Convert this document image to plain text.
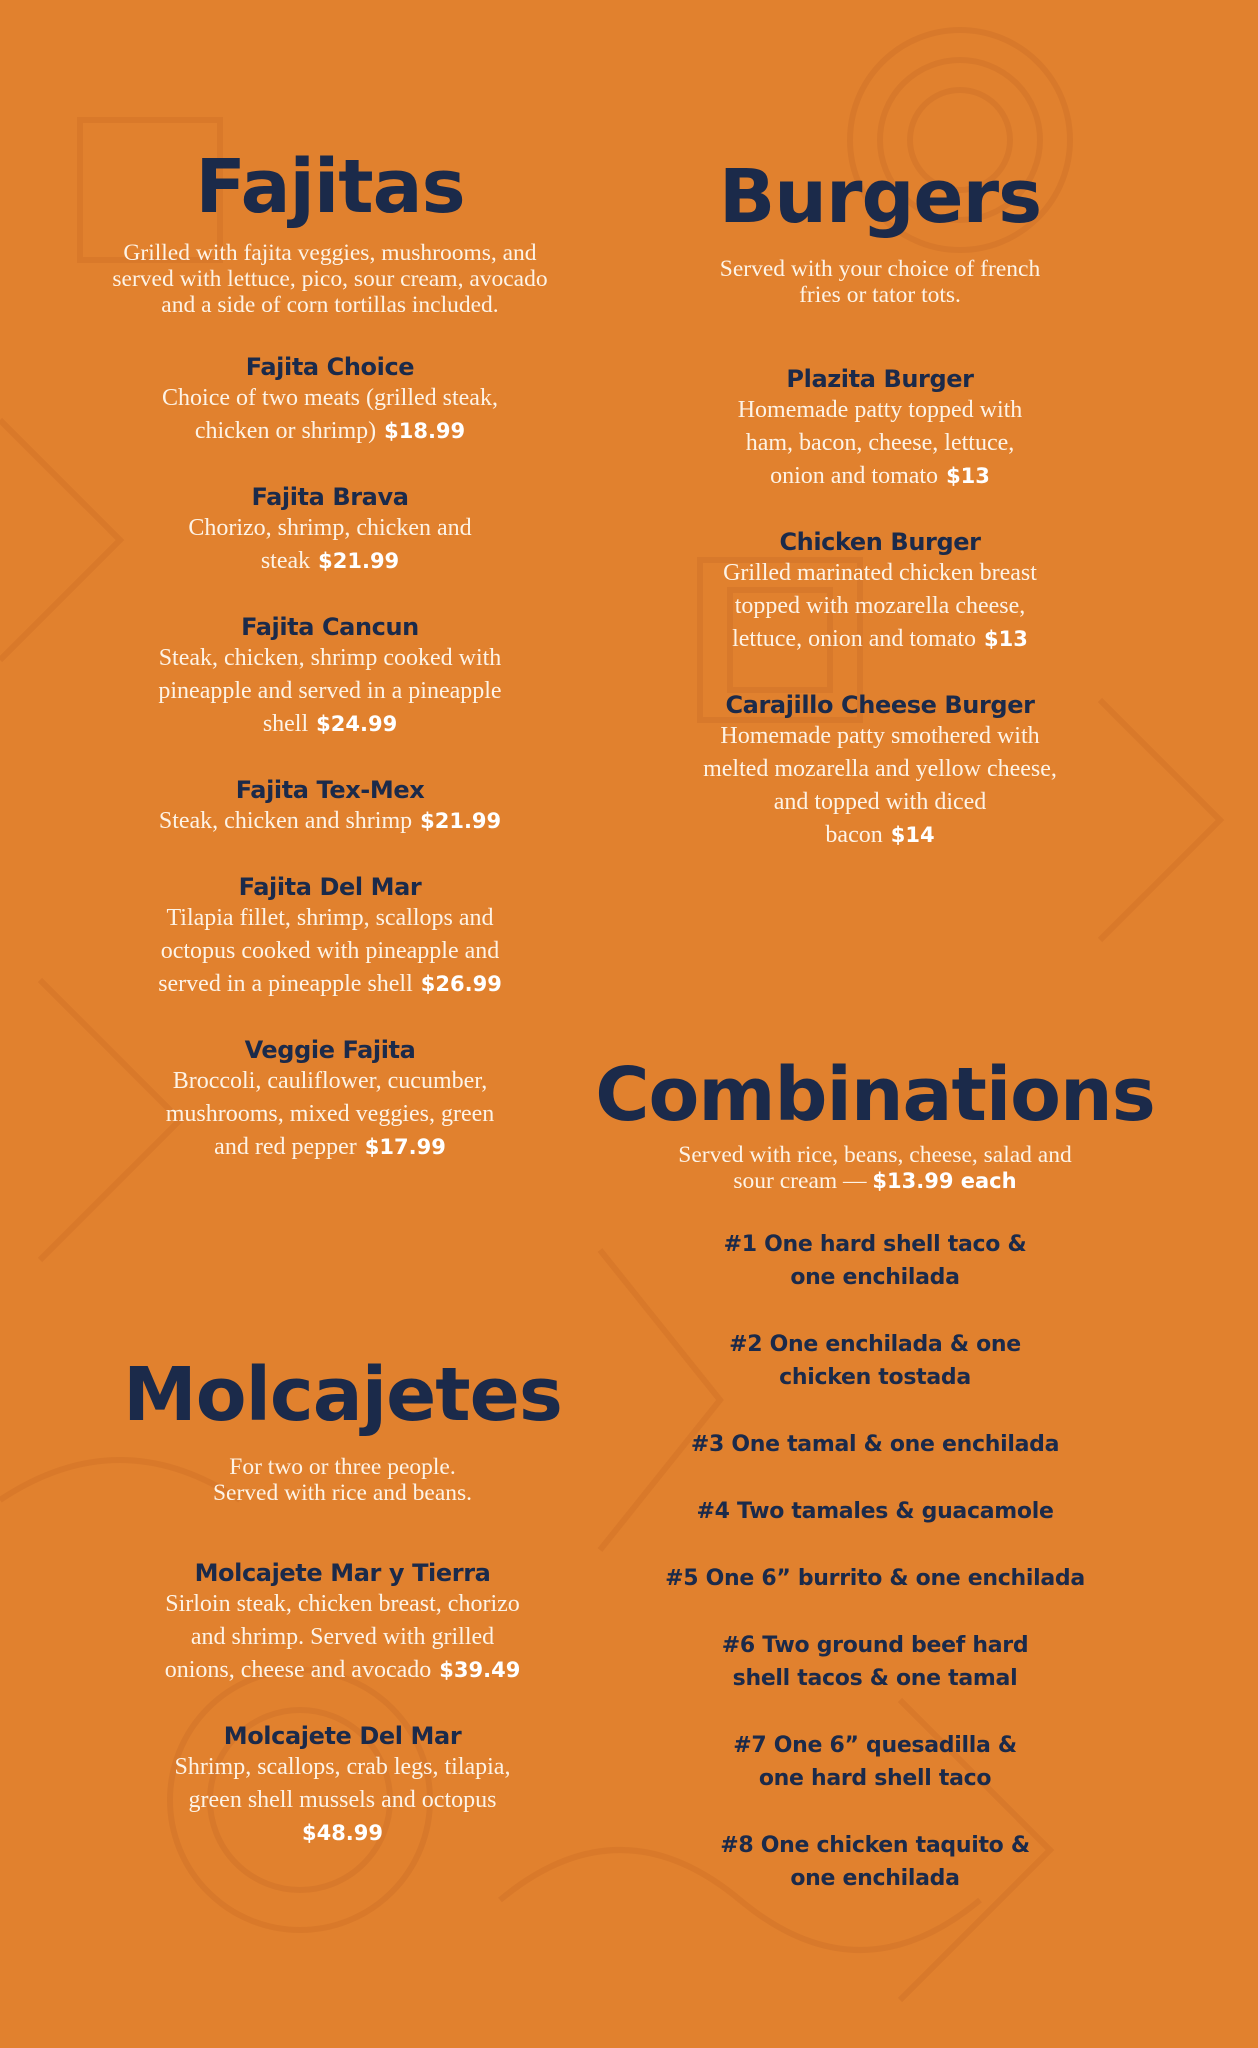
Fajitas
Grilled with fajita veggies, mushrooms, and
served with lettuce, pico, sour cream, avocado
and a side of corn tortillas included.
Fajita Choice
Choice of two meats (grilled steak,
chicken or shrimp) $18.99
Fajita Brava
Chorizo, shrimp, chicken and
steak $21.99
Fajita Cancun
Steak, chicken, shrimp cooked with
pineapple and served in a pineapple
shell $24.99
Fajita Tex-Mex
Steak, chicken and shrimp $21.99
Fajita Del Mar
Tilapia fillet, shrimp, scallops and
octopus cooked with pineapple and
served in a pineapple shell $26.99
Veggie Fajita
Broccoli, cauliflower, cucumber,
mushrooms, mixed veggies, green
and red pepper $17.99
Burgers
Served with your choice of french
fries or tator tots.
Plazita Burger
Homemade patty topped with
ham, bacon, cheese, lettuce,
onion and tomato $13
Chicken Burger
Grilled marinated chicken breast
topped with mozarella cheese,
lettuce, onion and tomato $13
Carajillo Cheese Burger
Homemade patty smothered with
melted mozarella and yellow cheese,
and topped with diced
bacon $14
Combinations
Served with rice, beans, cheese, salad and
sour cream — $13.99 each
#1 One hard shell taco &
one enchilada
#2 One enchilada & one
chicken tostada
#3 One tamal & one enchilada
#4 Two tamales & guacamole
#5 One 6” burrito & one enchilada
#6 Two ground beef hard
shell tacos & one tamal
#7 One 6” quesadilla &
one hard shell taco
#8 One chicken taquito &
one enchilada
Molcajetes
For two or three people.
Served with rice and beans.
Molcajete Mar y Tierra
Sirloin steak, chicken breast, chorizo
and shrimp. Served with grilled
onions, cheese and avocado $39.49
Molcajete Del Mar
Shrimp, scallops, crab legs, tilapia,
green shell mussels and octopus
$48.99
